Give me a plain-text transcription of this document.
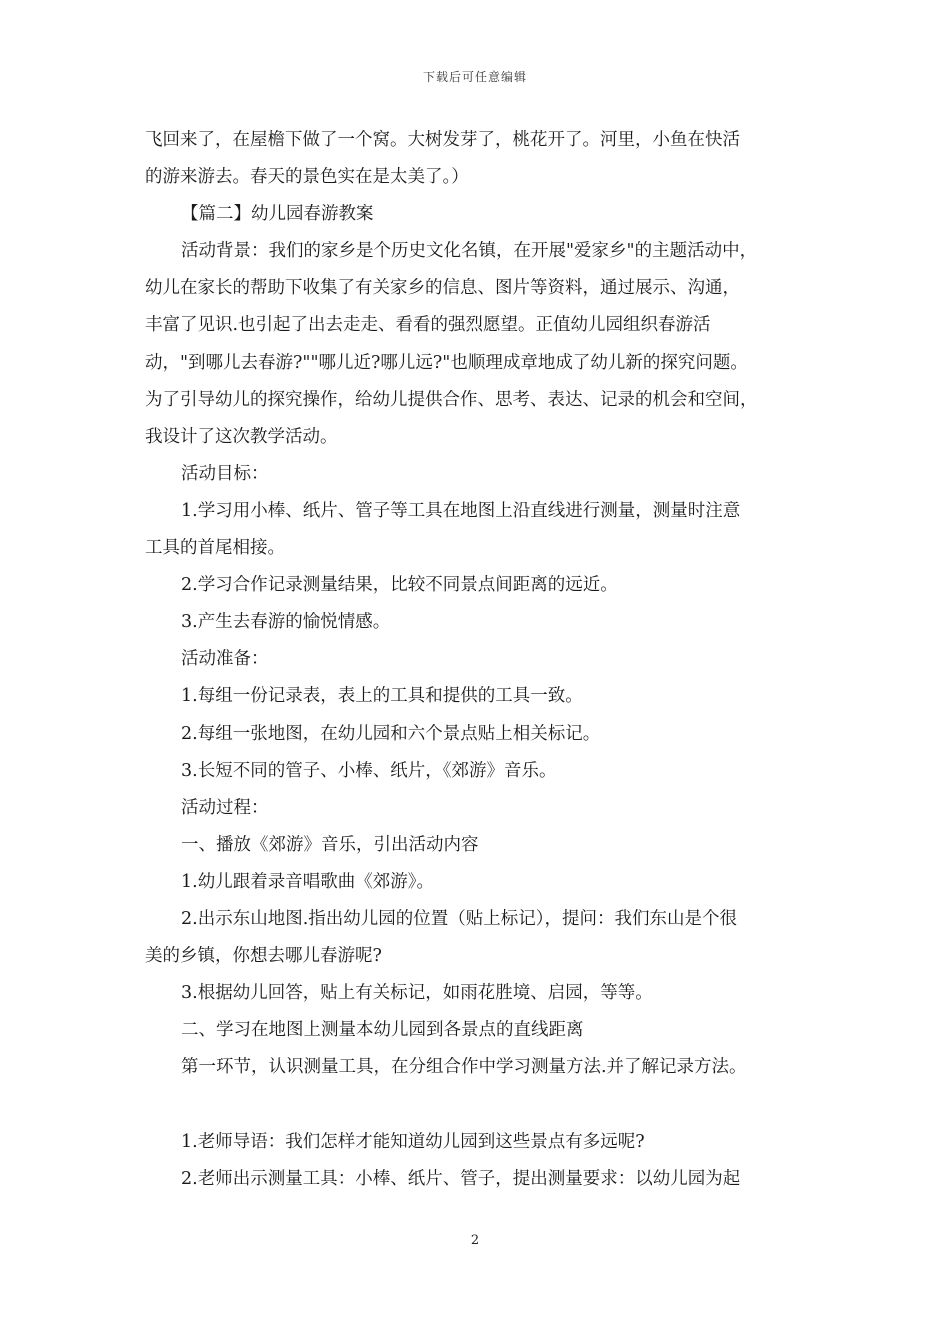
下载后可任意编辑
飞回来了，在屋檐下做了一个窝。大树发芽了，桃花开了。河里，小鱼在快活
的游来游去。春天的景色实在是太美了。）
【篇二】幼儿园春游教案
活动背景：我们的家乡是个历史文化名镇，在开展"爱家乡"的主题活动中，
幼儿在家长的帮助下收集了有关家乡的信息、图片等资料，通过展示、沟通，
丰富了见识.也引起了出去走走、看看的强烈愿望。正值幼儿园组织春游活
动，"到哪儿去春游?""哪儿近?哪儿远?"也顺理成章地成了幼儿新的探究问题。
为了引导幼儿的探究操作，给幼儿提供合作、思考、表达、记录的机会和空间，
我设计了这次教学活动。
活动目标：
1.学习用小棒、纸片、管子等工具在地图上沿直线进行测量，测量时注意
工具的首尾相接。
2.学习合作记录测量结果，比较不同景点间距离的远近。
3.产生去春游的愉悦情感。
活动准备：
1.每组一份记录表，表上的工具和提供的工具一致。
2.每组一张地图，在幼儿园和六个景点贴上相关标记。
3.长短不同的管子、小棒、纸片，《郊游》音乐。
活动过程：
一、播放《郊游》音乐，引出活动内容
1.幼儿跟着录音唱歌曲《郊游》。
2.出示东山地图.指出幼儿园的位置（贴上标记），提问：我们东山是个很
美的乡镇，你想去哪儿春游呢?
3.根据幼儿回答，贴上有关标记，如雨花胜境、启园，等等。
二、学习在地图上测量本幼儿园到各景点的直线距离
第一环节，认识测量工具，在分组合作中学习测量方法.并了解记录方法。
1.老师导语：我们怎样才能知道幼儿园到这些景点有多远呢?
2.老师出示测量工具：小棒、纸片、管子，提出测量要求：以幼儿园为起
2
